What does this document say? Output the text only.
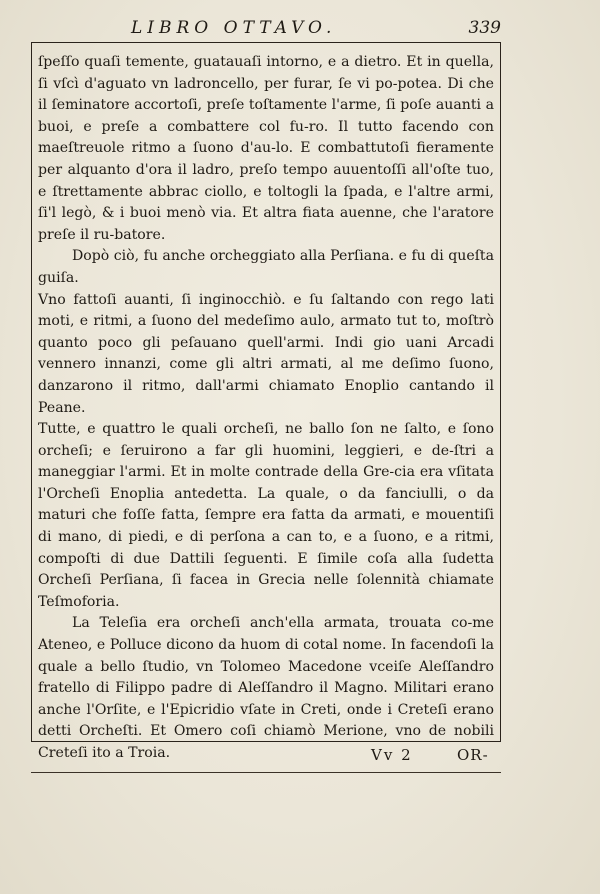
LIBRO OTTAVO.	339

ſpeſſo quaſi temente, guatauaſi intorno, e a dietro. Et in quella, ſi vſcì d'aguato vn ladroncello, per furar, ſe vi po-potea. Di che il ſeminatore accortoſi, preſe toſtamente l'arme, ſi poſe auanti a buoi, e preſe a combattere col fu-ro. Il tutto facendo con maeſtreuole ritmo a ſuono d'au-lo. E combattutoſi fieramente per alquanto d'ora il ladro, preſo tempo auuentoſſi all'oſte tuo, e ſtrettamente abbrac ciollo, e toltogli la ſpada, e l'altre armi, ſi'l legò, & i buoi menò via. Et altra fiata auenne, che l'aratore preſe il ru-batore.

Dopò ciò, fu anche orcheggiato alla Perſiana. e fu di queſta guiſa.

Vno fattoſi auanti, ſi inginocchiò. e ſu ſaltando con rego lati moti, e ritmi, a ſuono del medeſimo aulo, armato tut to, moſtrò quanto poco gli peſauano quell'armi. Indi gio uani Arcadi vennero innanzi, come gli altri armati, al me deſimo ſuono, danzarono il ritmo, dall'armi chiamato Enoplio cantando il Peane.

Tutte, e quattro le quali orcheſi, ne ballo ſon ne ſalto, e ſono orcheſi; e ſeruirono a far gli huomini, leggieri, e de-ſtri a maneggiar l'armi. Et in molte contrade della Gre-cia era vſitata l'Orcheſi Enoplia antedetta. La quale, o da fanciulli, o da maturi che foſſe fatta, ſempre era fatta da armati, e mouentiſi di mano, di piedi, e di perſona a can to, e a ſuono, e a ritmi, compoſti di due Dattili ſeguenti. E ſimile coſa alla ſudetta Orcheſi Perſiana, ſi facea in Grecia nelle ſolennità chiamate Teſmoforia.

La Teleſia era orcheſi anch'ella armata, trouata co-me Ateneo, e Polluce dicono da huom di cotal nome. In facendoſi la quale a bello ſtudio, vn Tolomeo Macedone vceiſe Aleſſandro fratello di Filippo padre di Aleſſandro il Magno. Militari erano anche l'Orſite, e l'Epicridio vſate in Creti, onde i Creteſi erano detti Orcheſti. Et Omero coſi chiamò Merione, vno de nobili Creteſi ito a Troia.	Vv 2	OR-
